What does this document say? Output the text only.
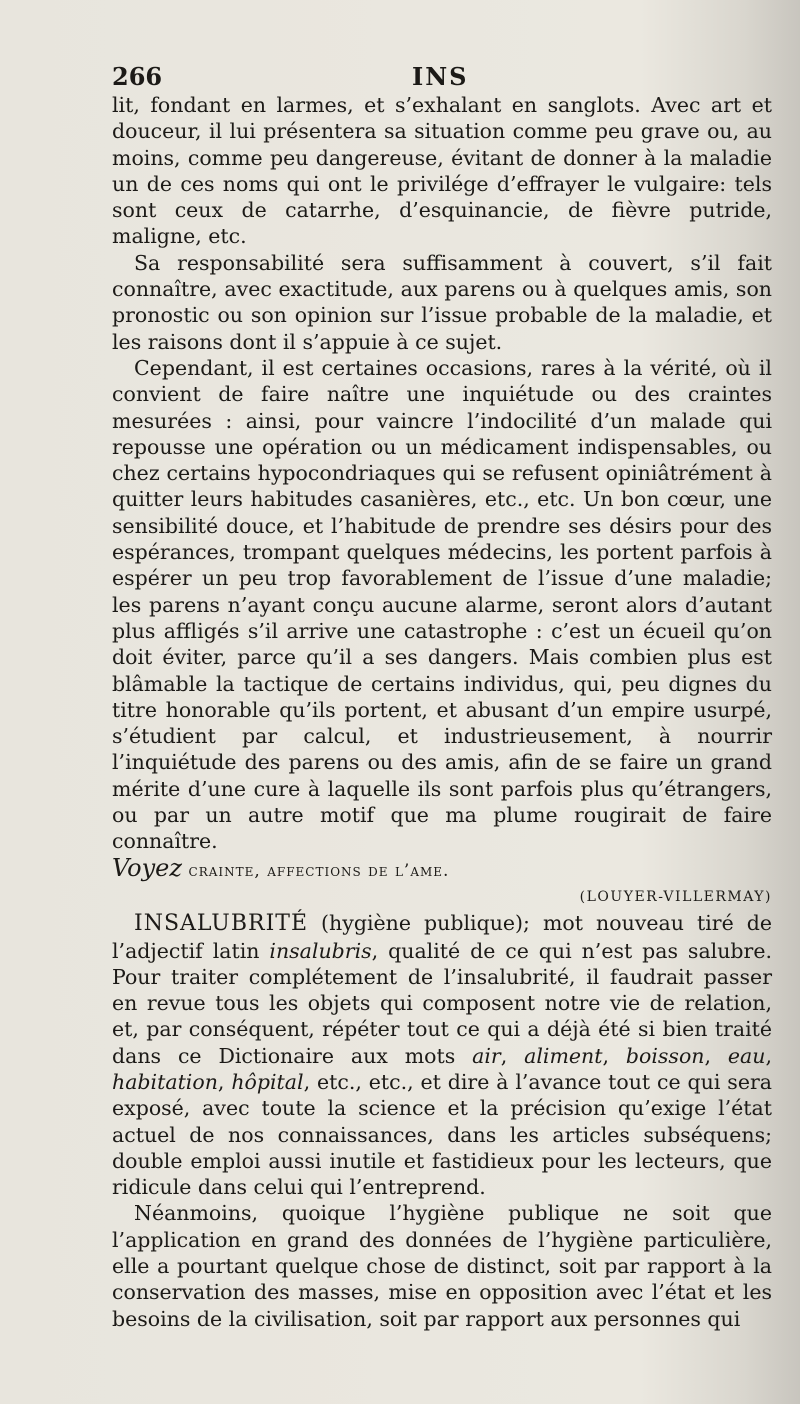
266	INS

lit, fondant en larmes, et s’exhalant en sanglots. Avec art et douceur, il lui présentera sa situation comme peu grave ou, au moins, comme peu dangereuse, évitant de donner à la maladie un de ces noms qui ont le privilége d’effrayer le vulgaire: tels sont ceux de catarrhe, d’esquinancie, de fièvre putride, maligne, etc.

Sa responsabilité sera suffisamment à couvert, s’il fait connaître, avec exactitude, aux parens ou à quelques amis, son pronostic ou son opinion sur l’issue probable de la maladie, et les raisons dont il s’appuie à ce sujet.

Cependant, il est certaines occasions, rares à la vérité, où il convient de faire naître une inquiétude ou des craintes mesurées : ainsi, pour vaincre l’indocilité d’un malade qui repousse une opération ou un médicament indispensables, ou chez certains hypocondriaques qui se refusent opiniâtrément à quitter leurs habitudes casanières, etc., etc. Un bon cœur, une sensibilité douce, et l’habitude de prendre ses désirs pour des espérances, trompant quelques médecins, les portent parfois à espérer un peu trop favorablement de l’issue d’une maladie; les parens n’ayant conçu aucune alarme, seront alors d’autant plus affligés s’il arrive une catastrophe : c’est un écueil qu’on doit éviter, parce qu’il a ses dangers. Mais combien plus est blâmable la tactique de certains individus, qui, peu dignes du titre honorable qu’ils portent, et abusant d’un empire usurpé, s’étudient par calcul, et industrieusement, à nourrir l’inquiétude des parens ou des amis, afin de se faire un grand mérite d’une cure à laquelle ils sont parfois plus qu’étrangers, ou par un autre motif que ma plume rougirait de faire connaître.

Voyez crainte, affections de l’ame.

(LOUYER-VILLERMAY)

INSALUBRITÉ (hygiène publique); mot nouveau tiré de l’adjectif latin insalubris, qualité de ce qui n’est pas salubre. Pour traiter complétement de l’insalubrité, il faudrait passer en revue tous les objets qui composent notre vie de relation, et, par conséquent, répéter tout ce qui a déjà été si bien traité dans ce Dictionaire aux mots air, aliment, boisson, eau, habitation, hôpital, etc., etc., et dire à l’avance tout ce qui sera exposé, avec toute la science et la précision qu’exige l’état actuel de nos connaissances, dans les articles subséquens; double emploi aussi inutile et fastidieux pour les lecteurs, que ridicule dans celui qui l’entreprend.

Néanmoins, quoique l’hygiène publique ne soit que l’application en grand des données de l’hygiène particulière, elle a pourtant quelque chose de distinct, soit par rapport à la conservation des masses, mise en opposition avec l’état et les besoins de la civilisation, soit par rapport aux personnes qui
